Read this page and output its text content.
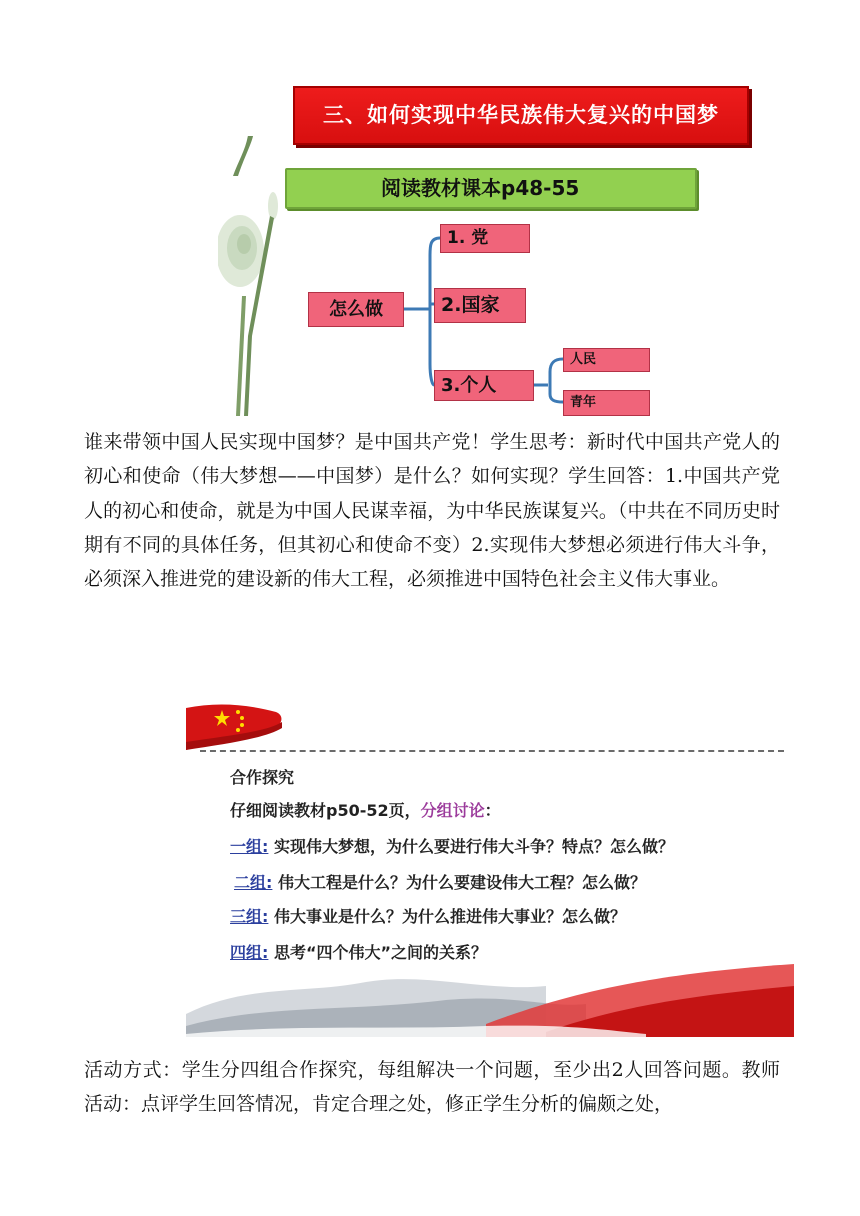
三、如何实现中华民族伟大复兴的中国梦
阅读教材课本p48-55
怎么做
1. 党
2.国家
3.个人
人民
青年

谁来带领中国人民实现中国梦？是中国共产党！学生思考：新时代中国共产党人的初心和使命（伟大梦想——中国梦）是什么？如何实现？学生回答：1.中国共产党人的初心和使命，就是为中国人民谋幸福，为中华民族谋复兴。（中共在不同历史时期有不同的具体任务，但其初心和使命不变）2.实现伟大梦想必须进行伟大斗争，必须深入推进党的建设新的伟大工程，必须推进中国特色社会主义伟大事业。

合作探究
仔细阅读教材p50-52页，分组讨论：
一组: 实现伟大梦想，为什么要进行伟大斗争？特点？怎么做？
二组: 伟大工程是什么？为什么要建设伟大工程？怎么做？
三组: 伟大事业是什么？为什么推进伟大事业？怎么做？
四组: 思考“四个伟大”之间的关系？

活动方式：学生分四组合作探究，每组解决一个问题，至少出2人回答问题。教师活动：点评学生回答情况，肯定合理之处，修正学生分析的偏颇之处，
